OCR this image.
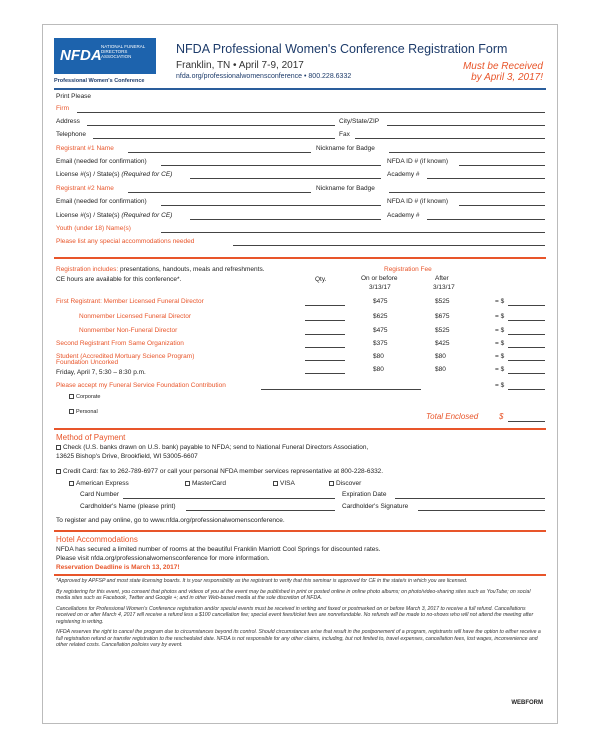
NFDA
NATIONAL FUNERAL DIRECTORS ASSOCIATION
Professional Women's Conference
NFDA Professional Women's Conference Registration Form
Franklin, TN • April 7-9, 2017
nfda.org/professionalwomensconference • 800.228.6332
Must be Received
by April 3, 2017!
Print Please
Firm
Address	City/State/ZIP
Telephone	Fax
Registrant #1 Name	Nickname for Badge
Email (needed for confirmation)	NFDA ID # (if known)
License #(s) / State(s) (Required for CE)	Academy #
Registrant #2 Name	Nickname for Badge
Email (needed for confirmation)	NFDA ID # (if known)
License #(s) / State(s) (Required for CE)	Academy #
Youth (under 18) Name(s)
Please list any special accommodations needed
Registration includes: presentations, handouts, meals and refreshments.
CE hours are available for this conference*.	Qty.
Registration Fee
On or before	After
3/13/17	3/13/17
First Registrant: Member Licensed Funeral Director	$475	$525	= $
Nonmember Licensed Funeral Director	$625	$675	= $
Nonmember Non-Funeral Director	$475	$525	= $
Second Registrant From Same Organization	$375	$425	= $
Student (Accredited Mortuary Science Program)	$80	$80	= $
Foundation Uncorked
$80	$80	= $
Friday, April 7, 5:30 – 8:30 p.m.
Please accept my Funeral Service Foundation Contribution	= $
Corporate
Personal	Total Enclosed	$
Method of Payment
Check (U.S. banks drawn on U.S. bank) payable to NFDA; send to National Funeral Directors Association,
13625 Bishop's Drive, Brookfield, WI 53005-6607
Credit Card: fax to 262-789-6977 or call your personal NFDA member services representative at 800-228-6332.
American Express	MasterCard	VISA	Discover
Card Number	Expiration Date
Cardholder's Name (please print)	Cardholder's Signature
To register and pay online, go to www.nfda.org/professionalwomensconference.
Hotel Accommodations
NFDA has secured a limited number of rooms at the beautiful Franklin Marriott Cool Springs for discounted rates.
Please visit nfda.org/professionalwomensconference for more information.
Reservation Deadline is March 13, 2017!

*Approved by APFSP and most state licensing boards. It is your responsibility as the registrant to verify that this seminar is approved for CE in the state/s in which you are licensed.

By registering for this event, you consent that photos and videos of you at the event may be published in print or posted online in online photo albums; on photo/video-sharing sites such as YouTube; on social media sites such as Facebook, Twitter and Google +; and in other Web-based media at the sole discretion of NFDA.

Cancellations for Professional Women's Conference registration and/or special events must be received in writing and faxed or postmarked on or before March 3, 2017 to receive a full refund. Cancellations received on or after March 4, 2017 will receive a refund less a $100 cancellation fee; special event fees/ticket fees are nonrefundable. No refunds will be made to no-shows who will not attend the meeting after registering in writing.

NFDA reserves the right to cancel the program due to circumstances beyond its control. Should circumstances arise that result in the postponement of a program, registrants will have the option to either receive a full registration refund or transfer registration to the rescheduled date. NFDA is not responsible for any other claims, including, but not limited to, travel expenses, cancellation fees, lost wages, inconvenience and other related costs. Cancellation policies vary by event.

WEBFORM
